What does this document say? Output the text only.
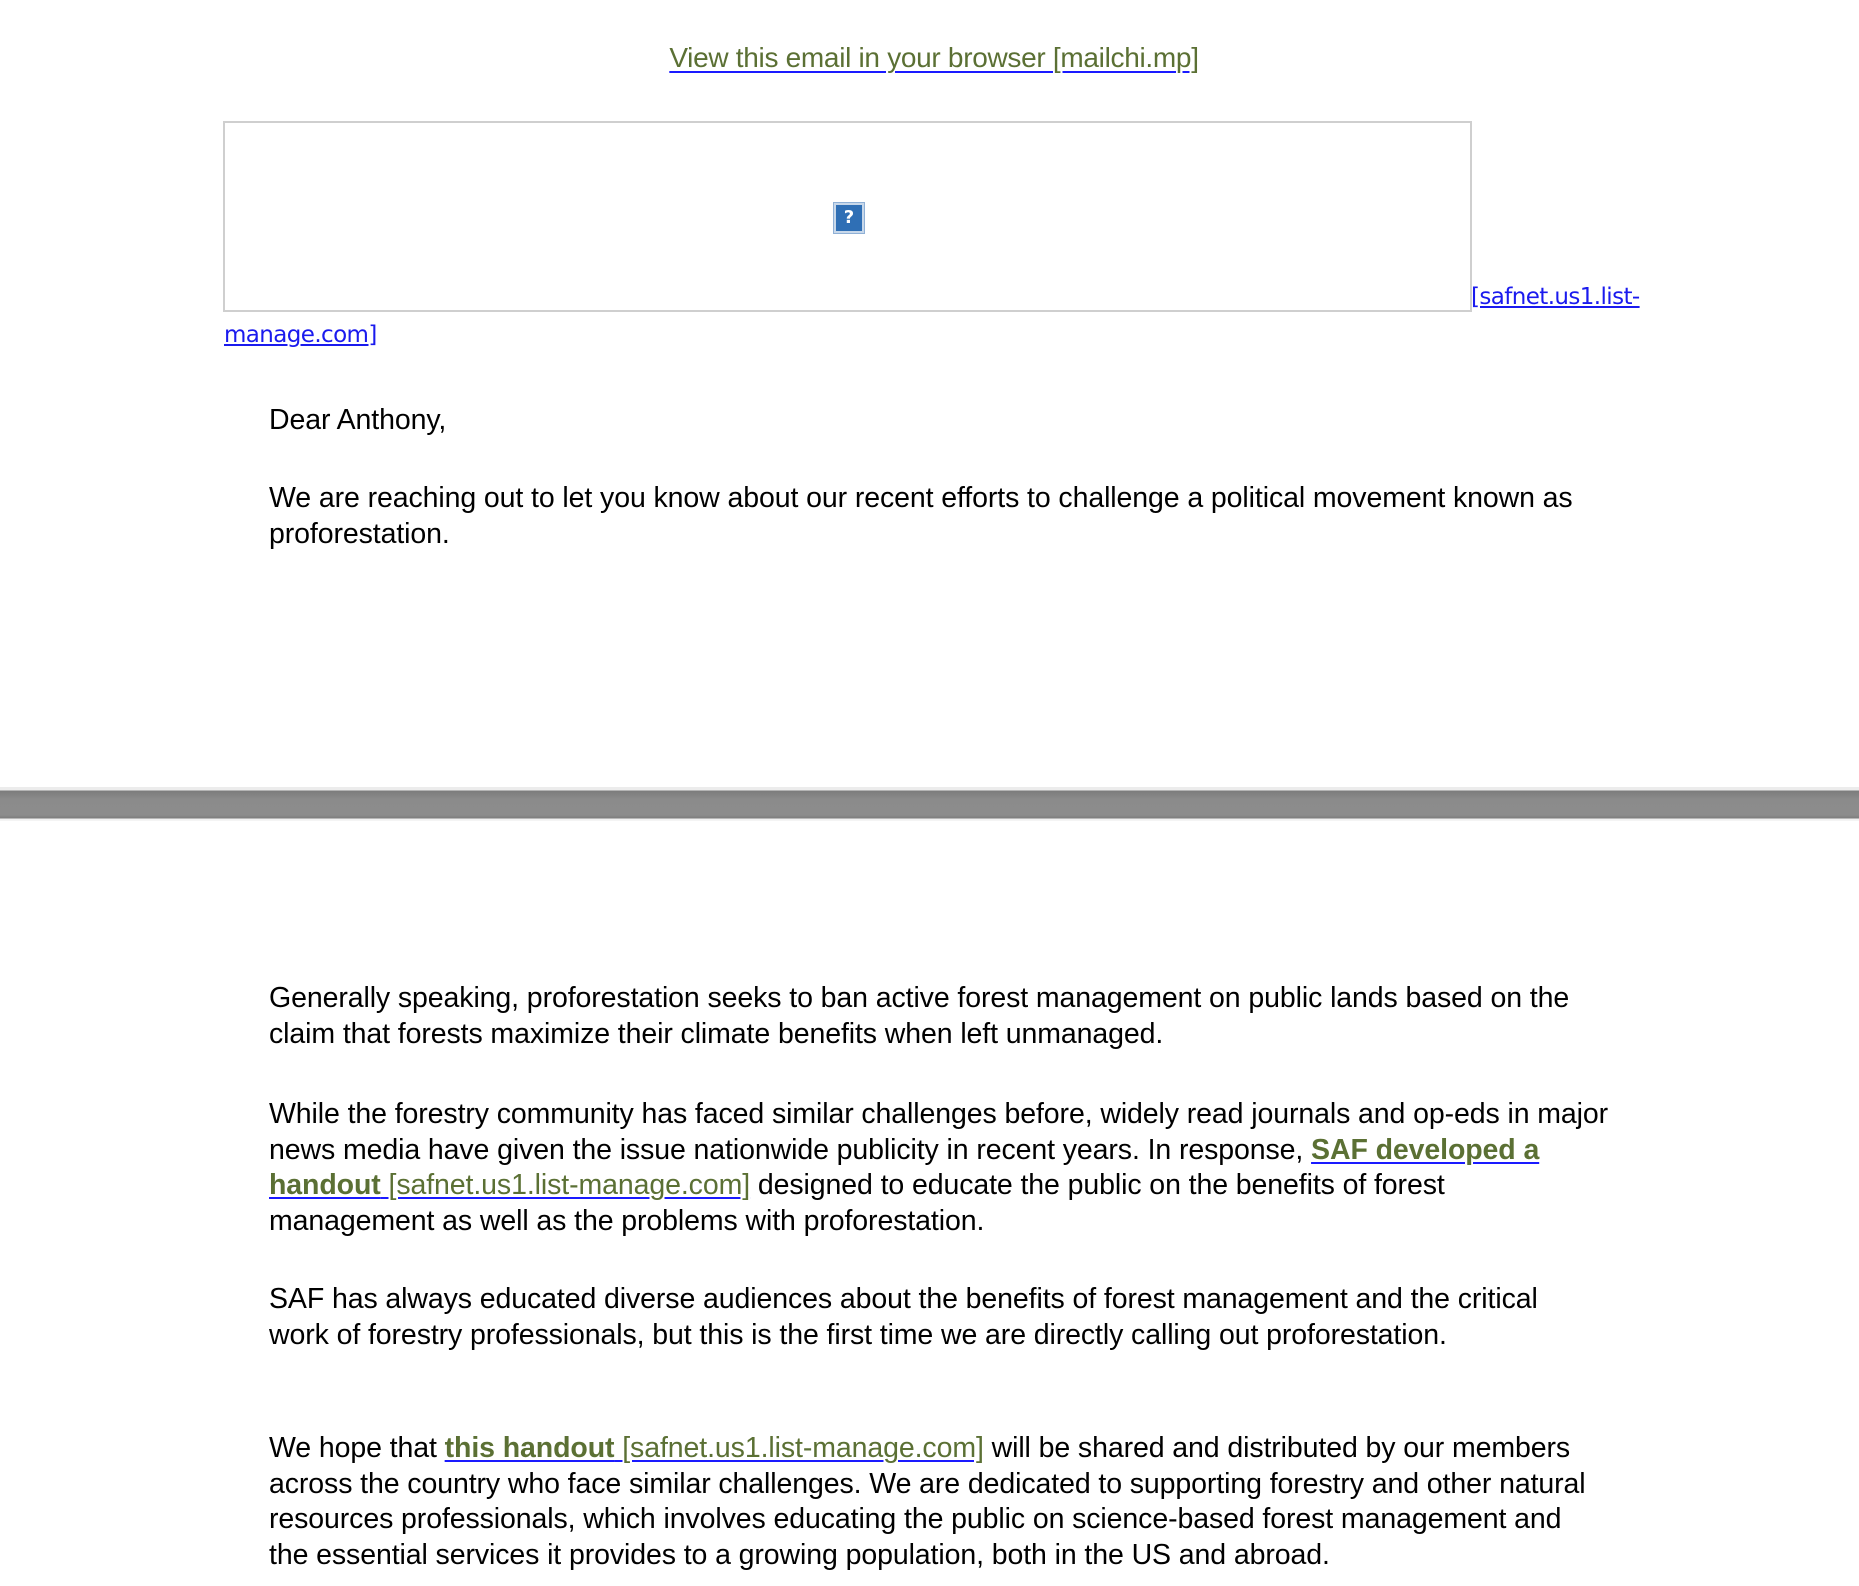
View this email in your browser [mailchi.mp]
?
[safnet.us1.list-
manage.com]

Dear Anthony,

We are reaching out to let you know about our recent efforts to challenge a political movement known as proforestation.

Generally speaking, proforestation seeks to ban active forest management on public lands based on the claim that forests maximize their climate benefits when left unmanaged.

While the forestry community has faced similar challenges before, widely read journals and op-eds in major news media have given the issue nationwide publicity in recent years. In response, SAF developed a handout [safnet.us1.list-manage.com] designed to educate the public on the benefits of forest management as well as the problems with proforestation.

SAF has always educated diverse audiences about the benefits of forest management and the critical work of forestry professionals, but this is the first time we are directly calling out proforestation.

We hope that this handout [safnet.us1.list-manage.com] will be shared and distributed by our members across the country who face similar challenges. We are dedicated to supporting forestry and other natural resources professionals, which involves educating the public on science-based forest management and the essential services it provides to a growing population, both in the US and abroad.
